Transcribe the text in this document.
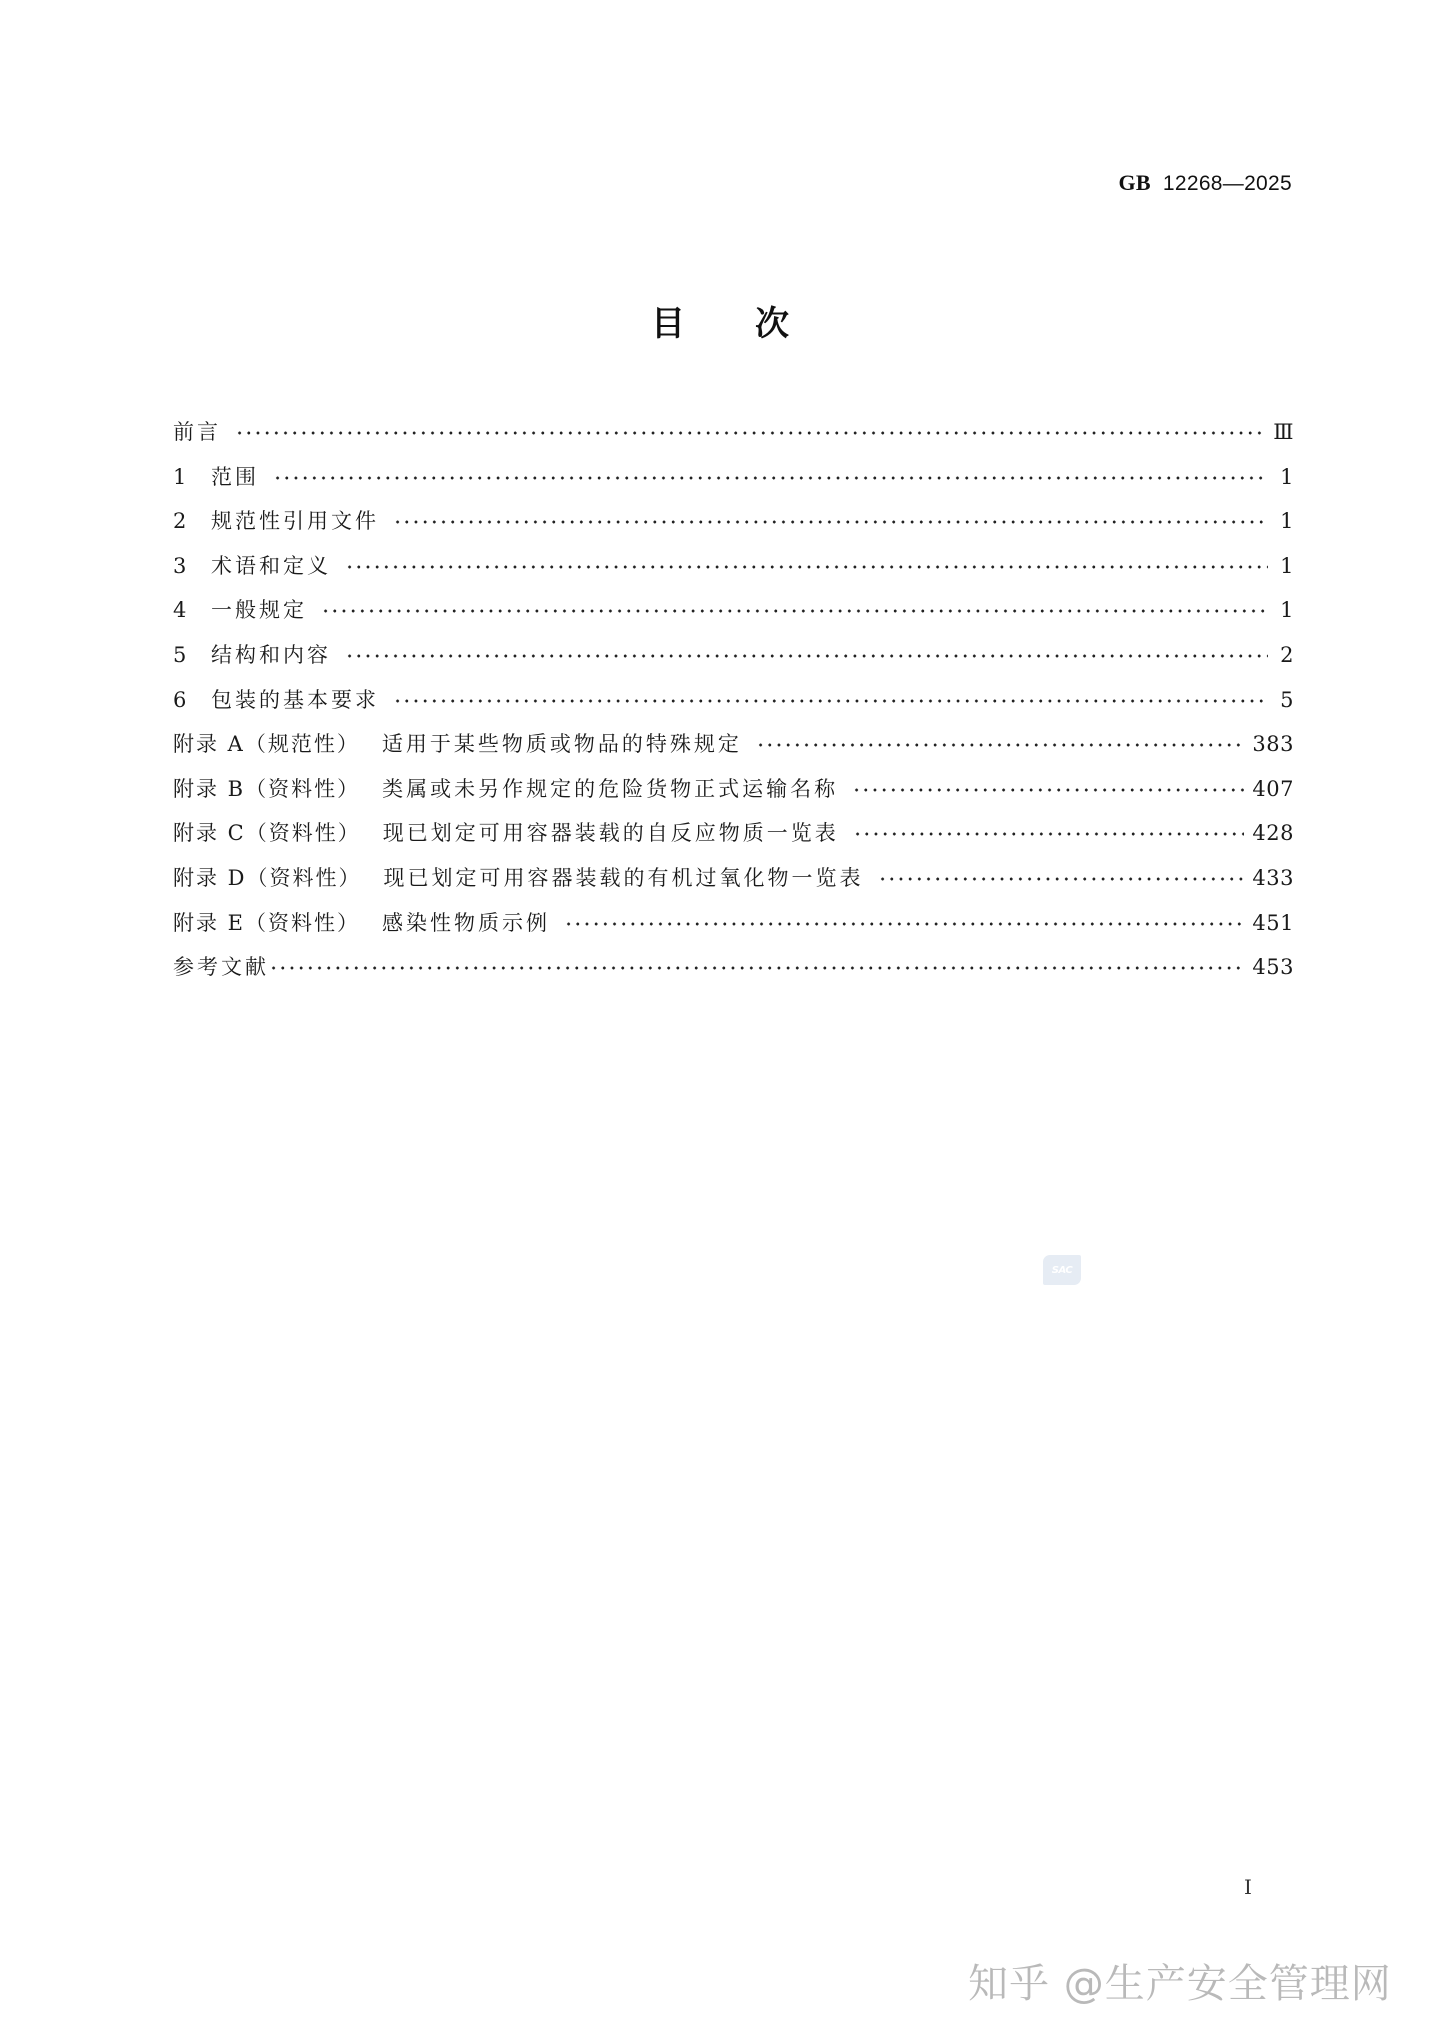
GB 12268—2025
目次
前言	Ⅲ
1	范围	1
2	规范性引用文件	1
3	术语和定义	1
4	一般规定	1
5	结构和内容	2
6	包装的基本要求	5
附录 A（规范性） 适用于某些物质或物品的特殊规定	383
附录 B（资料性） 类属或未另作规定的危险货物正式运输名称	407
附录 C（资料性） 现已划定可用容器装载的自反应物质一览表	428
附录 D（资料性） 现已划定可用容器装载的有机过氧化物一览表	433
附录 E（资料性） 感染性物质示例	451
参考文献	453
SAC
I
知乎 @生产安全管理网
